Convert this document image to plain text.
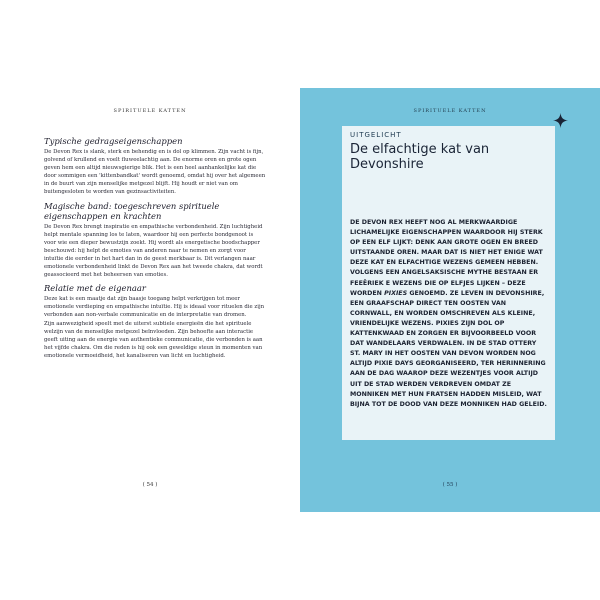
SPIRITUELE KATTEN

Typische gedragseigenschappen

De Devon Rex is slank, sterk en behendig en is dol op klimmen. Zijn vacht is fijn, golvend of krullend en voelt fluweelachtig aan. De enorme oren en grote ogen geven hem een altijd nieuwsgierige blik. Het is een heel aanhankelijke kat die door sommigen een 'kittenbandkat' wordt genoemd, omdat hij over het algemeen in de buurt van zijn menselijke metgezel blijft. Hij houdt er niet van om buitengesloten te worden van gezinsactiviteiten.

Magische band: toegeschreven spirituele eigenschappen en krachten

De Devon Rex brengt inspiratie en empathische verbondenheid. Zijn luchtigheid helpt mentale spanning los te laten, waardoor hij een perfecte bondgenoot is voor wie een dieper bewustzijn zoekt. Hij wordt als energetische boodschapper beschouwd: hij helpt de emoties van anderen naar te nemen en zorgt voor intuïtie die eerder in het hart dan in de geest merkbaar is. Dit verlangen naar emotionele verbondenheid linkt de Devon Rex aan het tweede chakra, dat wordt geassocieerd met het beheersen van emoties.

Relatie met de eigenaar

Deze kat is een maatje dat zijn baasje toegang helpt verkrijgen tot meer emotionele verdieping en empathische intuïtie. Hij is ideaal voor rituelen die zijn verbonden aan non-verbale communicatie en de interpretatie van dromen.

Zijn aanwezigheid speelt met de uiterst subtiele energieën die het spirituele welzijn van de menselijke metgezel beïnvloeden. Zijn behoefte aan interactie geeft uiting aan de energie van authentieke communicatie, die verbonden is aan het vijfde chakra. Om die reden is hij ook een geweldige steun in momenten van emotionele vermoeidheid, het kanaliseren van licht en luchtigheid.

( 54 )
SPIRITUELE KATTEN
UITGELICHT
De elfachtige kat van Devonshire
DE DEVON REX HEEFT NOG AL MERKWAARDIGE LICHAMELIJKE EIGENSCHAPPEN WAARDOOR HIJ STERK OP EEN ELF LIJKT: DENK AAN GROTE OGEN EN BREED UITSTAANDE OREN. MAAR DAT IS NIET HET ENIGE WAT DEZE KAT EN ELFACHTIGE WEZENS GEMEEN HEBBEN. VOLGENS EEN ANGELSAKSISCHE MYTHE BESTAAN ER FEEËRIEK E WEZENS DIE OP ELFJES LIJKEN – DEZE WORDEN PIXIES GENOEMD. ZE LEVEN IN DEVONSHIRE, EEN GRAAFSCHAP DIRECT TEN OOSTEN VAN CORNWALL, EN WORDEN OMSCHREVEN ALS KLEINE, VRIENDELIJKE WEZENS. PIXIES ZIJN DOL OP KATTENKWAAD EN ZORGEN ER BIJVOORBEELD VOOR DAT WANDELAARS VERDWALEN. IN DE STAD OTTERY ST. MARY IN HET OOSTEN VAN DEVON WORDEN NOG ALTIJD PIXIE DAYS GEORGANISEERD, TER HERINNERING AAN DE DAG WAAROP DEZE WEZENTJES VOOR ALTIJD UIT DE STAD WERDEN VERDREVEN OMDAT ZE MONNIKEN MET HUN FRATSEN HADDEN MISLEID, WAT BIJNA TOT DE DOOD VAN DEZE MONNIKEN HAD GELEID.
( 55 )
